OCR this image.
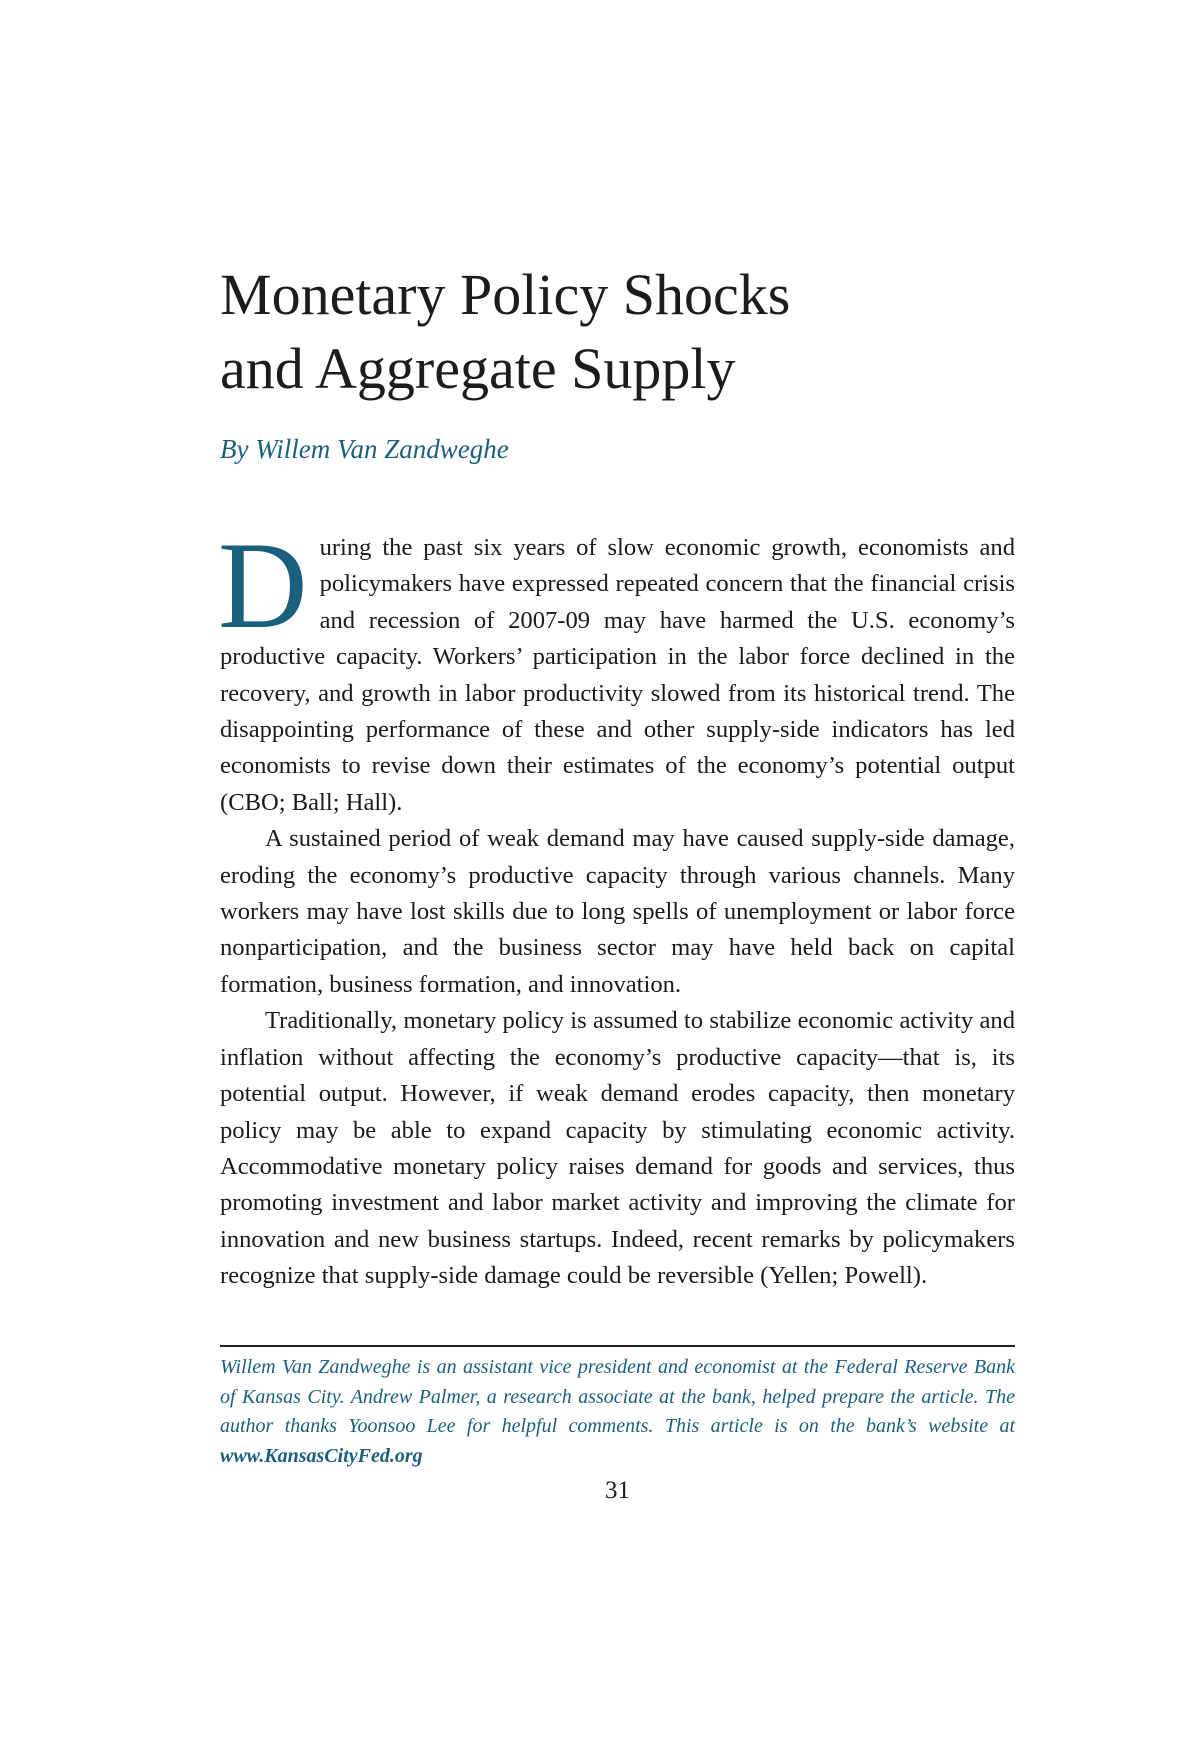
Monetary Policy Shocks
and Aggregate Supply

By Willem Van Zandweghe

During the past six years of slow economic growth, economists and policymakers have expressed repeated concern that the financial crisis and recession of 2007-09 may have harmed the U.S. economy’s productive capacity. Workers’ participation in the labor force declined in the recovery, and growth in labor productivity slowed from its historical trend. The disappointing performance of these and other supply-side indicators has led economists to revise down their estimates of the economy’s potential output (CBO; Ball; Hall).

A sustained period of weak demand may have caused supply-side damage, eroding the economy’s productive capacity through various channels. Many workers may have lost skills due to long spells of unemployment or labor force nonparticipation, and the business sector may have held back on capital formation, business formation, and innovation.

Traditionally, monetary policy is assumed to stabilize economic activity and inflation without affecting the economy’s productive capacity—that is, its potential output. However, if weak demand erodes capacity, then monetary policy may be able to expand capacity by stimulating economic activity. Accommodative monetary policy raises demand for goods and services, thus promoting investment and labor market activity and improving the climate for innovation and new business startups. Indeed, recent remarks by policymakers recognize that supply-side damage could be reversible (Yellen; Powell).

Willem Van Zandweghe is an assistant vice president and economist at the Federal Reserve Bank of Kansas City. Andrew Palmer, a research associate at the bank, helped prepare the article. The author thanks Yoonsoo Lee for helpful comments. This article is on the bank’s website at www.KansasCityFed.org

31
